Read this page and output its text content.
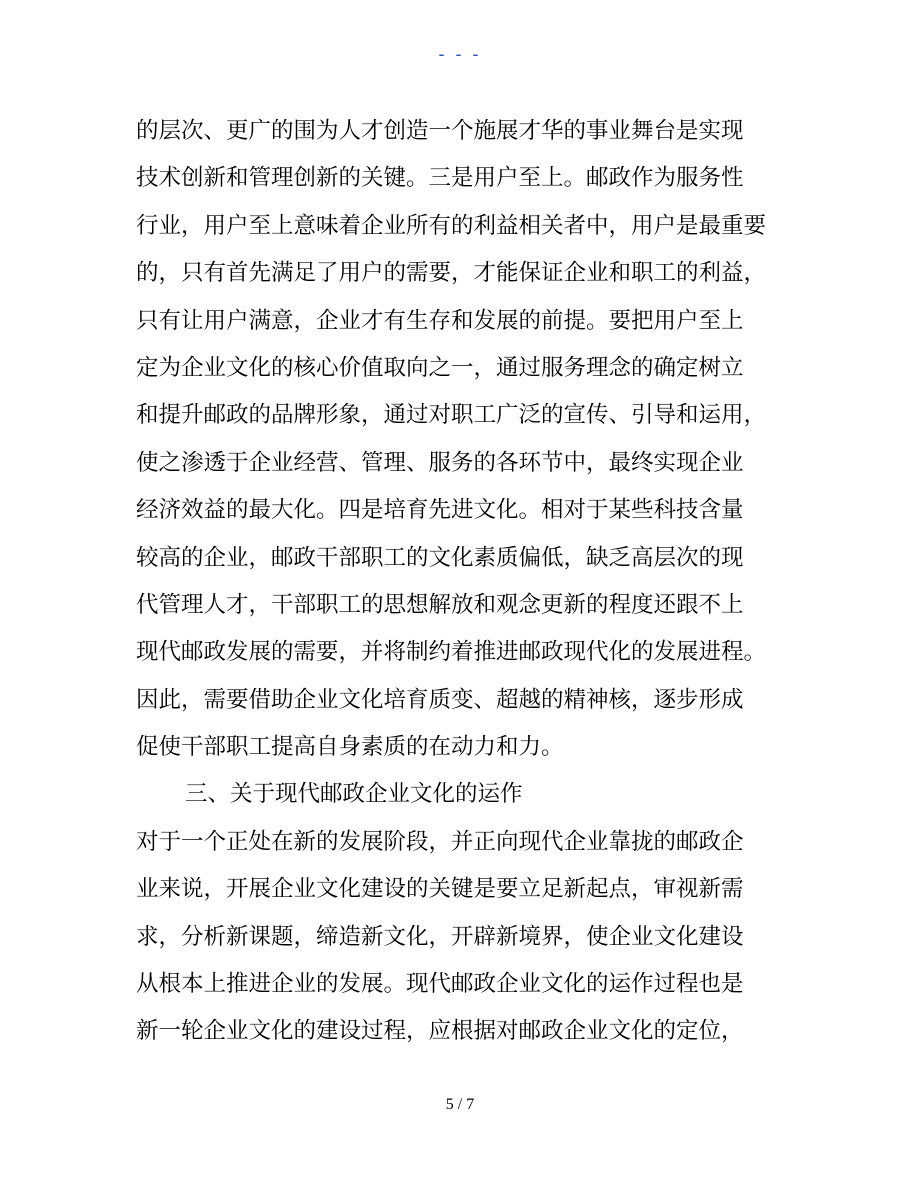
- - -
的层次、更广的围为人才创造一个施展才华的事业舞台是实现
技术创新和管理创新的关键。三是用户至上。邮政作为服务性
行业，用户至上意味着企业所有的利益相关者中，用户是最重要
的，只有首先满足了用户的需要，才能保证企业和职工的利益，
只有让用户满意，企业才有生存和发展的前提。要把用户至上
定为企业文化的核心价值取向之一，通过服务理念的确定树立
和提升邮政的品牌形象，通过对职工广泛的宣传、引导和运用，
使之渗透于企业经营、管理、服务的各环节中，最终实现企业
经济效益的最大化。四是培育先进文化。相对于某些科技含量
较高的企业，邮政干部职工的文化素质偏低，缺乏高层次的现
代管理人才，干部职工的思想解放和观念更新的程度还跟不上
现代邮政发展的需要，并将制约着推进邮政现代化的发展进程。
因此，需要借助企业文化培育质变、超越的精神核，逐步形成
促使干部职工提高自身素质的在动力和力。
三、关于现代邮政企业文化的运作
对于一个正处在新的发展阶段，并正向现代企业靠拢的邮政企
业来说，开展企业文化建设的关键是要立足新起点，审视新需
求，分析新课题，缔造新文化，开辟新境界，使企业文化建设
从根本上推进企业的发展。现代邮政企业文化的运作过程也是
新一轮企业文化的建设过程，应根据对邮政企业文化的定位，
5 / 7
